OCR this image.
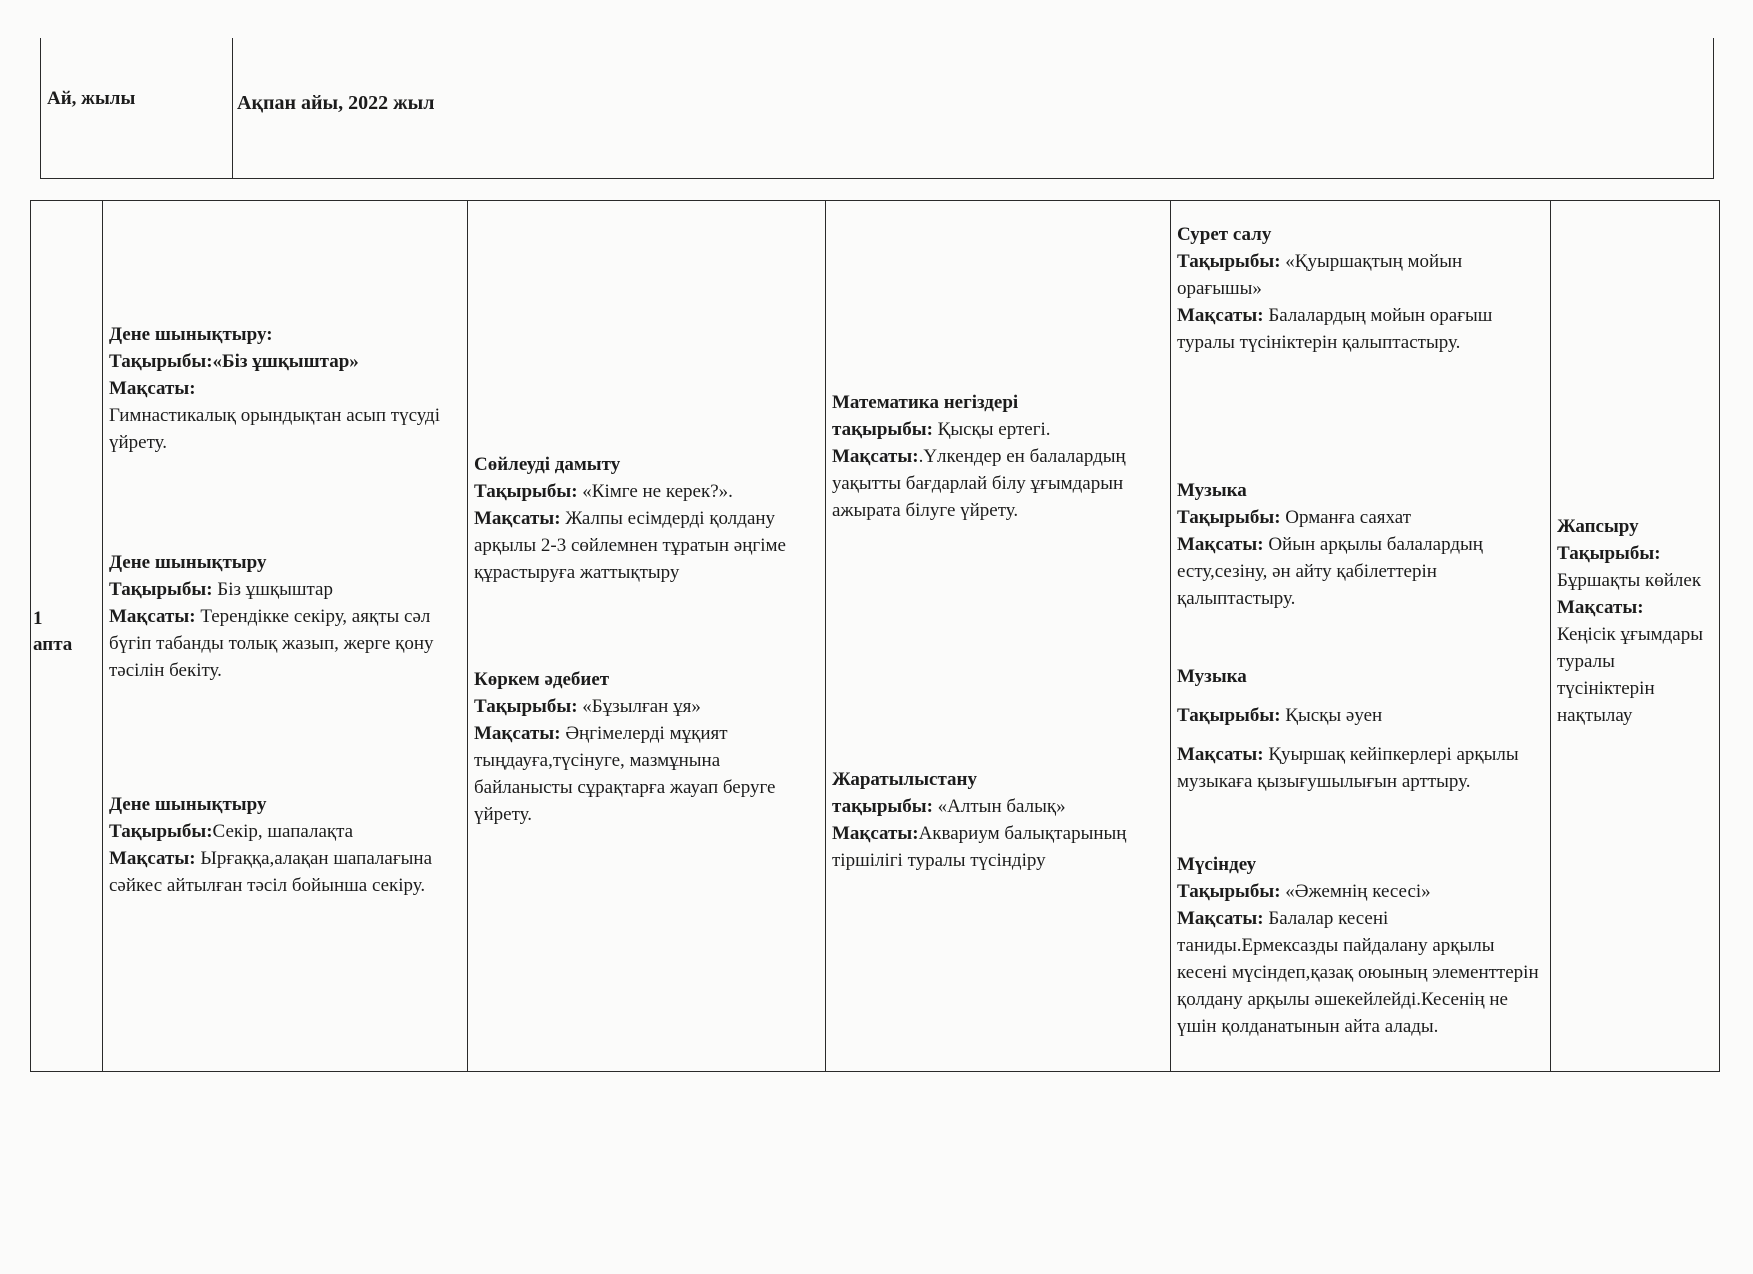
Ай, жылы	Ақпан айы, 2022 жыл
1 апта
Дене шынықтыру:
Тақырыбы:«Біз ұшқыштар»
Мақсаты:
Гимнастикалық орындықтан асып түсуді үйрету.
Дене шынықтыру
Тақырыбы: Біз ұшқыштар
Мақсаты: Терендікке секіру, аяқты сәл бүгіп табанды толық жазып, жерге қону тәсілін бекіту.
Дене шынықтыру
Тақырыбы:Секір, шапалақта
Мақсаты: Ырғаққа,алақан шапалағына сәйкес айтылған тәсіл бойынша секіру.
Сөйлеуді дамыту
Тақырыбы: «Кімге не керек?».
Мақсаты: Жалпы есімдерді қолдану арқылы 2-3 сөйлемнен тұратын әңгіме құрастыруға жаттықтыру
Көркем әдебиет
Тақырыбы: «Бұзылған ұя»
Мақсаты: Әңгімелерді мұқият тыңдауға,түсінуге, мазмұнына байланысты сұрақтарға жауап беруге үйрету.
Математика негіздері
тақырыбы: Қысқы ертегі.
Мақсаты:.Үлкендер ен балалардың уақытты бағдарлай білу ұғымдарын ажырата білуге үйрету.
Жаратылыстану
тақырыбы: «Алтын балық»
Мақсаты:Аквариум балықтарының тіршілігі туралы түсіндіру
Сурет салу
Тақырыбы: «Қуыршақтың мойын орағышы»
Мақсаты: Балалардың мойын орағыш туралы түсініктерін қалыптастыру.
Музыка
Тақырыбы: Орманға саяхат
Мақсаты: Ойын арқылы балалардың есту,сезіну, ән айту қабілеттерін қалыптастыру.
Музыка
Тақырыбы: Қысқы әуен
Мақсаты: Қуыршақ кейіпкерлері арқылы музыкаға қызығушылығын арттыру.
Мүсіндеу
Тақырыбы: «Әжемнің кесесі»
Мақсаты: Балалар кесені таниды.Ермексазды пайдалану арқылы кесені мүсіндеп,қазақ оюының элементтерін қолдану арқылы әшекейлейді.Кесенің не үшін қолданатынын айта алады.
Жапсыру
Тақырыбы:
Бұршақты көйлек
Мақсаты:
Кеңісік ұғымдары туралы түсініктерін нақтылау
